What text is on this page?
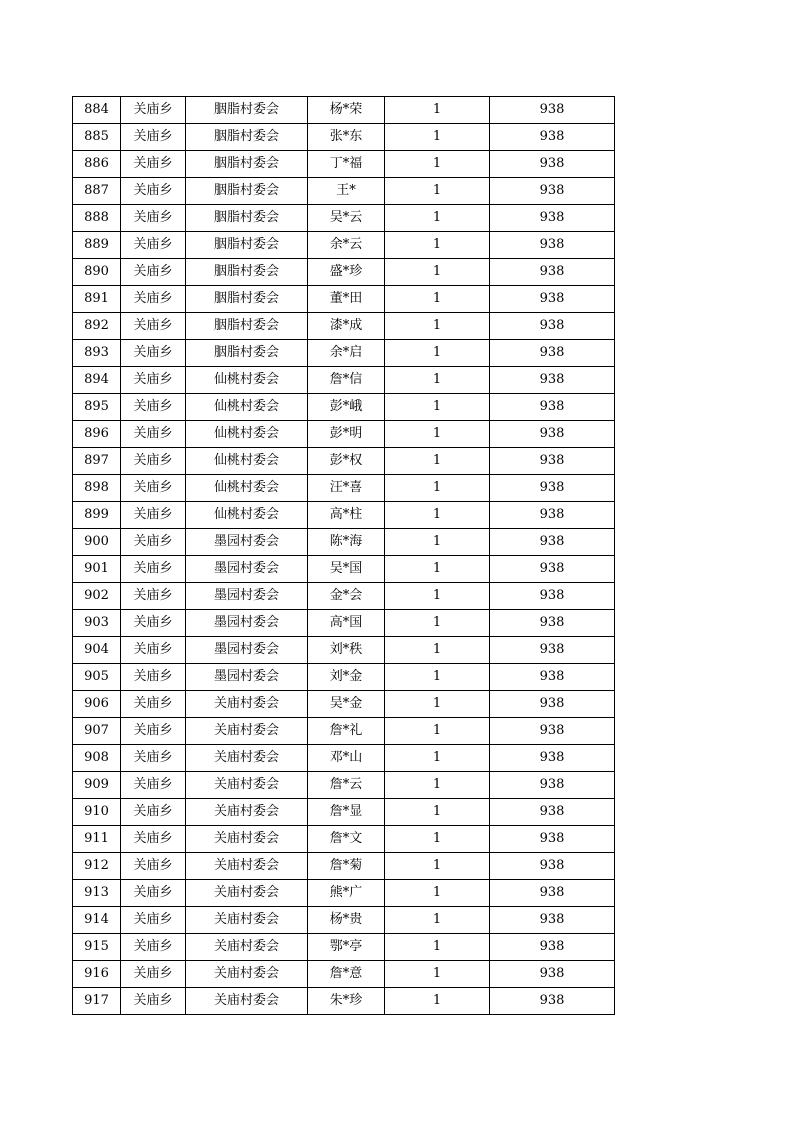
884	关庙乡	胭脂村委会	杨*荣	1	938
885	关庙乡	胭脂村委会	张*东	1	938
886	关庙乡	胭脂村委会	丁*福	1	938
887	关庙乡	胭脂村委会	王*	1	938
888	关庙乡	胭脂村委会	吴*云	1	938
889	关庙乡	胭脂村委会	余*云	1	938
890	关庙乡	胭脂村委会	盛*珍	1	938
891	关庙乡	胭脂村委会	董*田	1	938
892	关庙乡	胭脂村委会	漆*成	1	938
893	关庙乡	胭脂村委会	余*启	1	938
894	关庙乡	仙桃村委会	詹*信	1	938
895	关庙乡	仙桃村委会	彭*峨	1	938
896	关庙乡	仙桃村委会	彭*明	1	938
897	关庙乡	仙桃村委会	彭*权	1	938
898	关庙乡	仙桃村委会	汪*喜	1	938
899	关庙乡	仙桃村委会	高*柱	1	938
900	关庙乡	墨园村委会	陈*海	1	938
901	关庙乡	墨园村委会	吴*国	1	938
902	关庙乡	墨园村委会	金*会	1	938
903	关庙乡	墨园村委会	高*国	1	938
904	关庙乡	墨园村委会	刘*秩	1	938
905	关庙乡	墨园村委会	刘*金	1	938
906	关庙乡	关庙村委会	吴*金	1	938
907	关庙乡	关庙村委会	詹*礼	1	938
908	关庙乡	关庙村委会	邓*山	1	938
909	关庙乡	关庙村委会	詹*云	1	938
910	关庙乡	关庙村委会	詹*显	1	938
911	关庙乡	关庙村委会	詹*文	1	938
912	关庙乡	关庙村委会	詹*菊	1	938
913	关庙乡	关庙村委会	熊*广	1	938
914	关庙乡	关庙村委会	杨*贵	1	938
915	关庙乡	关庙村委会	鄂*亭	1	938
916	关庙乡	关庙村委会	詹*意	1	938
917	关庙乡	关庙村委会	朱*珍	1	938
